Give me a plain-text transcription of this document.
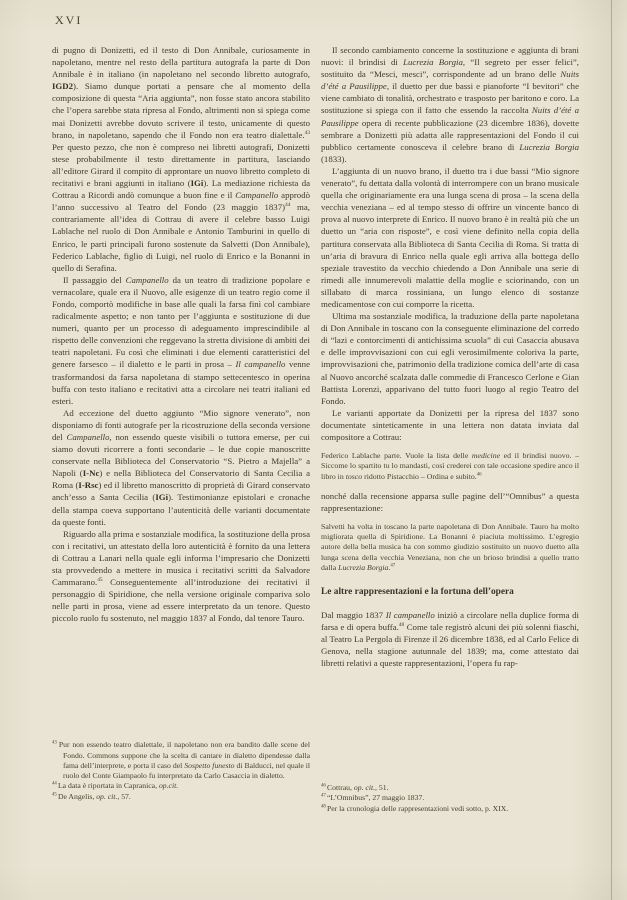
XVI

di pugno di Donizetti, ed il testo di Don Annibale, curiosamente in napoletano, mentre nel resto della partitura autografa la parte di Don Annibale è in italiano (in napoletano nel secondo libretto autografo, IGD2). Siamo dunque portati a pensare che al momento della composizione di questa “Aria aggiunta”, non fosse stato ancora stabilito che l’opera sarebbe stata ripresa al Fondo, altrimenti non si spiega come mai Donizetti avrebbe dovuto scrivere il testo, unicamente di questo brano, in napoletano, sapendo che il Fondo non era teatro dialettale.$^{43}$ Per questo pezzo, che non è compreso nei libretti autografi, Donizetti stese probabilmente il testo direttamente in partitura, lasciando all’editore Girard il compito di approntare un nuovo libretto completo di recitativi e brani aggiunti in italiano (IGi). La mediazione richiesta da Cottrau a Ricordi andò comunque a buon fine e il Campanello approdò l’anno successivo al Teatro del Fondo (23 maggio 1837)$^{44}$ ma, contrariamente all’idea di Cottrau di avere il celebre basso Luigi Lablache nel ruolo di Don Annibale e Antonio Tamburini in quello di Enrico, le parti principali furono sostenute da Salvetti (Don Annibale), Federico Lablache, figlio di Luigi, nel ruolo di Enrico e la Bonanni in quello di Serafina.

Il passaggio del Campanello da un teatro di tradizione popolare e vernacolare, quale era il Nuovo, alle esigenze di un teatro regio come il Fondo, comportò modifiche in base alle quali la farsa finì col cambiare radicalmente aspetto; e non tanto per l’aggiunta e sostituzione di due numeri, quanto per un processo di adeguamento imprescindibile al rispetto delle convenzioni che reggevano la stretta divisione di ambiti dei teatri napoletani. Fu così che eliminati i due elementi caratteristici del genere farsesco – il dialetto e le parti in prosa – Il campanello venne trasformandosi da farsa napoletana di stampo settecentesco in operina buffa con testo italiano e recitativi atta a circolare nei teatri italiani ed esteri.

Ad eccezione del duetto aggiunto “Mio signore venerato”, non disponiamo di fonti autografe per la ricostruzione della seconda versione del Campanello, non essendo queste visibili o tuttora emerse, per cui siamo dovuti ricorrere a fonti secondarie – le due copie manoscritte conservate nella Biblioteca del Conservatorio “S. Pietro a Majella” a Napoli (I-Nc) e nella Biblioteca del Conservatorio di Santa Cecilia a Roma (I-Rsc) ed il libretto manoscritto di proprietà di Girard conservato anch’esso a Santa Cecilia (IGi). Testimonianze epistolari e cronache della stampa coeva supportano l’autenticità delle varianti documentate da queste fonti.

Riguardo alla prima e sostanziale modifica, la sostituzione della prosa con i recitativi, un attestato della loro autenticità è fornito da una lettera di Cottrau a Lanari nella quale egli informa l’impresario che Donizetti sta provvedendo a mettere in musica i recitativi scritti da Salvadore Cammarano.$^{45}$ Conseguentemente all’introduzione dei recitativi il personaggio di Spiridione, che nella versione originale compariva solo nelle parti in prosa, viene ad essere interpretato da un tenore. Questo piccolo ruolo fu sostenuto, nel maggio 1837 al Fondo, dal tenore Tauro.

$^{43}$ Pur non essendo teatro dialettale, il napoletano non era bandito dalle scene del Fondo. Commons suppone che la scelta di cantare in dialetto dipendesse dalla fama dell’interprete, e porta il caso del Sospetto funesto di Balducci, nel quale il ruolo del Conte Giampaolo fu interpretato da Carlo Casaccia in dialetto.

$^{44}$ La data è riportata in Capranica, op.cit.

$^{45}$ De Angelis, op. cit., 57.

Il secondo cambiamento concerne la sostituzione e aggiunta di brani nuovi: il brindisi di Lucrezia Borgia, “Il segreto per esser felici”, sostituito da “Mesci, mesci”, corrispondente ad un brano delle Nuits d’été a Pausilippe, il duetto per due bassi e pianoforte “I bevitori” che viene cambiato di tonalità, orchestrato e trasposto per baritono e coro. La sostituzione si spiega con il fatto che essendo la raccolta Nuits d’été a Pausilippe opera di recente pubblicazione (23 dicembre 1836), dovette sembrare a Donizetti più adatta alle rappresentazioni del Fondo il cui pubblico certamente conosceva il celebre brano di Lucrezia Borgia (1833).

L’aggiunta di un nuovo brano, il duetto tra i due bassi “Mio signore venerato”, fu dettata dalla volontà di interrompere con un brano musicale quella che originariamente era una lunga scena di prosa – la scena della vecchia veneziana – ed al tempo stesso di offrire un vincente banco di prova al nuovo interprete di Enrico. Il nuovo brano è in realtà più che un duetto un “aria con risposte”, e così viene definito nella copia della partitura conservata alla Biblioteca di Santa Cecilia di Roma. Si tratta di un’aria di bravura di Enrico nella quale egli arriva alla bottega dello speziale travestito da vecchio chiedendo a Don Annibale una serie di rimedi alle innumerevoli malattie della moglie e sciorinando, con un sillabato di marca rossiniana, un lungo elenco di sostanze medicamentose con cui comporre la ricetta.

Ultima ma sostanziale modifica, la traduzione della parte napoletana di Don Annibale in toscano con la conseguente eliminazione del corredo di “lazi e contorcimenti di antichissima scuola” di cui Casaccia abusava e delle improvvisazioni con cui egli verosimilmente coloriva la parte, improvvisazioni che, patrimonio della tradizione comica dell’arte di casa al Nuovo ancorché scalzata dalle commedie di Francesco Cerlone e Gian Battista Lorenzi, apparivano del tutto fuori luogo al regio Teatro del Fondo.

Le varianti apportate da Donizetti per la ripresa del 1837 sono documentate sinteticamente in una lettera non datata inviata dal compositore a Cottrau:

Federico Lablache parte. Vuole la lista delle medicine ed il brindisi nuovo. – Siccome lo spartito tu lo mandasti, così crederei con tale occasione spedire anco il libro in tosco ridotto Pistacchio – Ordina e subito.$^{46}$

nonché dalla recensione apparsa sulle pagine dell’“Omnibus” a questa rappresentazione:

Salvetti ha volta in toscano la parte napoletana di Don Annibale. Tauro ha molto migliorata quella di Spiridione. La Bonanni è piaciuta moltissimo. L’egregio autore della bella musica ha con sommo giudizio sostituito un nuovo duetto alla lunga scena della vecchia Veneziana, non che un brioso brindisi a quello tratto dalla Lucrezia Borgia.$^{47}$

Le altre rappresentazioni e la fortuna dell’opera

Dal maggio 1837 Il campanello iniziò a circolare nella duplice forma di farsa e di opera buffa.$^{48}$ Come tale registrò alcuni dei più solenni fiaschi, al Teatro La Pergola di Firenze il 26 dicembre 1838, ed al Carlo Felice di Genova, nella stagione autunnale del 1839; ma, come attestato dai libretti relativi a queste rappresentazioni, l’opera fu rap-

$^{46}$ Cottrau, op. cit., 51.

$^{47}$ “L’Omnibus”, 27 maggio 1837.

$^{48}$ Per la cronologia delle rappresentazioni vedi sotto, p. XIX.
